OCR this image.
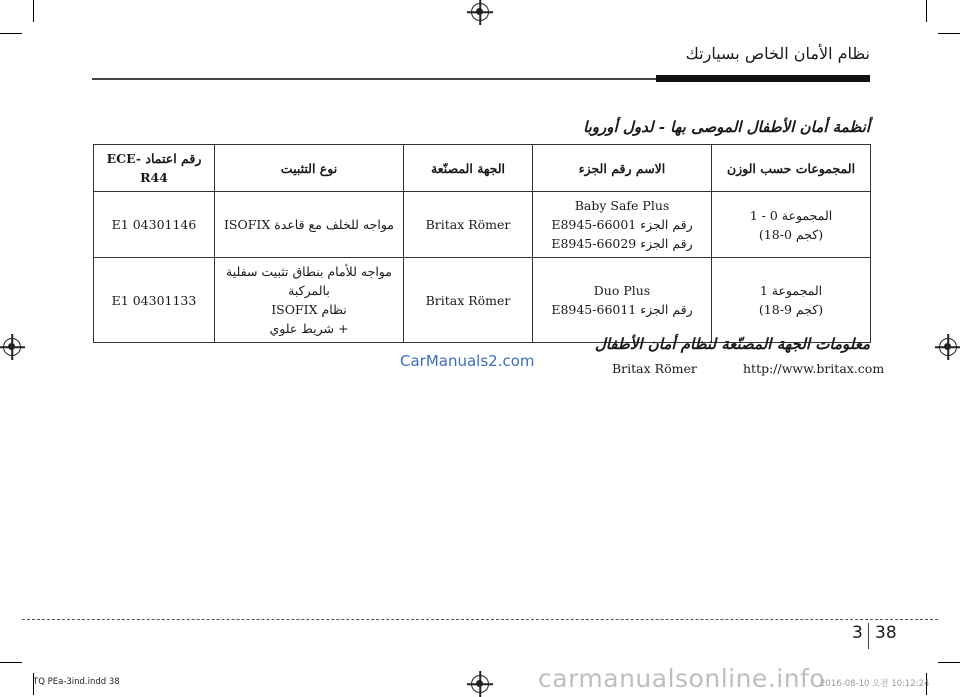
نظام الأمان الخاص بسيارتك
أنظمة أمان الأطفال الموصى بها - لدول أوروبا
المجموعات حسب الوزن	الاسم رقم الجزء	الجهة المصنّعة	نوع التثبيت	رقم اعتماد ECE-R44

المجموعة 0 - 1
(كجم 0-18)	Baby Safe Plus
رقم الجزء E8945-66001
رقم الجزء E8945-66029	Britax Römer	مواجه للخلف مع قاعدة ISOFIX	E1 04301146

المجموعة 1
(كجم 9-18)	Duo Plus
رقم الجزء E8945-66011	Britax Römer	مواجه للأمام بنطاق تثبيت سفلية بالمركبة
نظام ISOFIX
+ شريط علوي	E1 04301133
معلومات الجهة المصنّعة لنظام أمان الأطفال
CarManuals2.com	Britax Römer	http://www.britax.com
3 38
TQ PEa-3ind.indd 38	carmanualsonline.info
2016-08-10 오전 10:12:24
